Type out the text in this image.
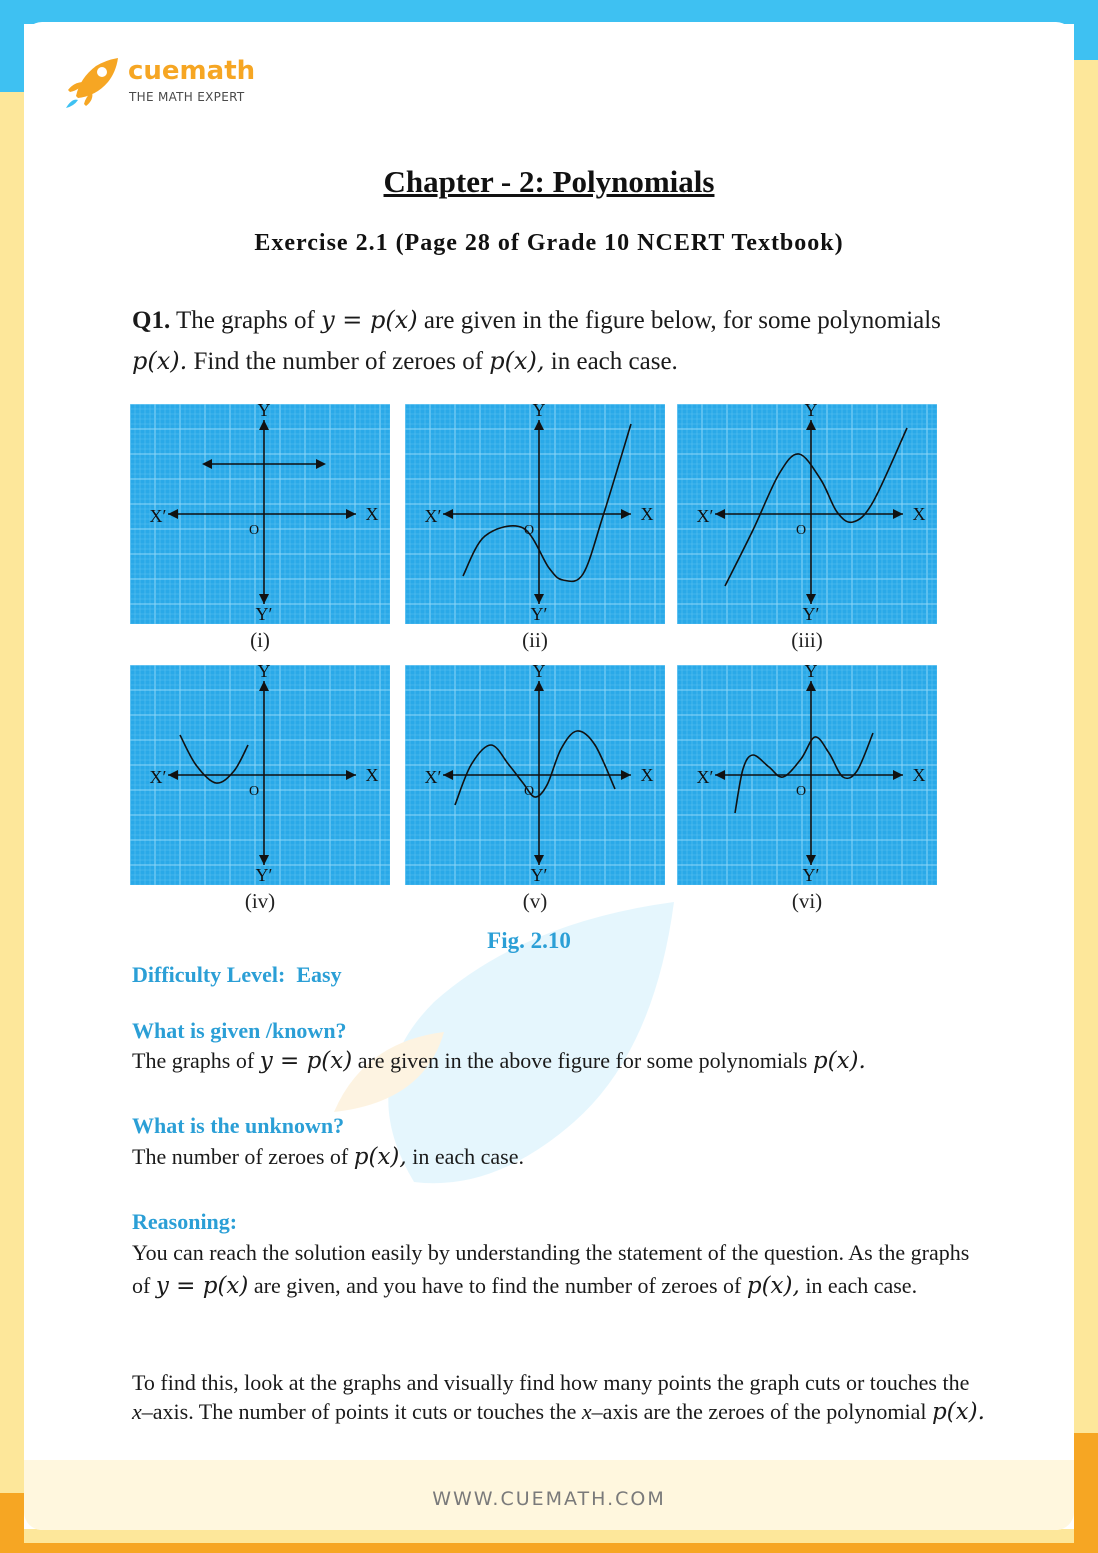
cuemath
THE MATH EXPERT
Chapter - 2: Polynomials
Exercise 2.1 (Page 28 of Grade 10 NCERT Textbook)
Q1. The graphs of y = p(x) are given in the figure below, for some polynomials p(x). Find the number of zeroes of p(x), in each case.
X
X′
Y
Y′
O
(i)
X
X′
Y
Y′
O
(ii)
X
X′
Y
Y′
O
(iii)
X
X′
Y
Y′
O
(iv)
X
X′
Y
Y′
O
(v)
X
X′
Y
Y′
O
(vi)
Fig. 2.10
Difficulty Level: Easy
What is given /known?
The graphs of y = p(x) are given in the above figure for some polynomials p(x).
What is the unknown?
The number of zeroes of p(x), in each case.
Reasoning:
You can reach the solution easily by understanding the statement of the question. As the graphs of y = p(x) are given, and you have to find the number of zeroes of p(x), in each case.
To find this, look at the graphs and visually find how many points the graph cuts or touches the x–axis. The number of points it cuts or touches the x–axis are the zeroes of the polynomial p(x).
WWW.CUEMATH.COM
